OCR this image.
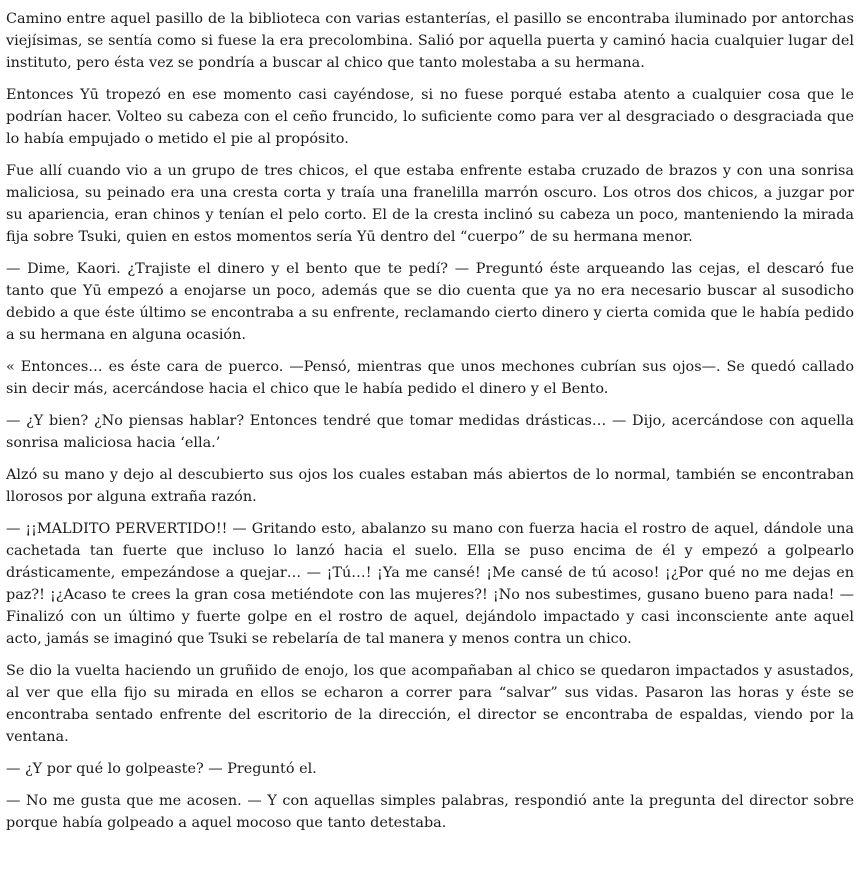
Camino entre aquel pasillo de la biblioteca con varias estanterías, el pasillo se encontraba iluminado por antorchas viejísimas, se sentía como si fuese la era precolombina. Salió por aquella puerta y caminó hacia cualquier lugar del instituto, pero ésta vez se pondría a buscar al chico que tanto molestaba a su hermana.

Entonces Yū tropezó en ese momento casi cayéndose, si no fuese porqué estaba atento a cualquier cosa que le podrían hacer. Volteo su cabeza con el ceño fruncido, lo suficiente como para ver al desgraciado o desgraciada que lo había empujado o metido el pie al propósito.

Fue allí cuando vio a un grupo de tres chicos, el que estaba enfrente estaba cruzado de brazos y con una sonrisa maliciosa, su peinado era una cresta corta y traía una franelilla marrón oscuro. Los otros dos chicos, a juzgar por su apariencia, eran chinos y tenían el pelo corto. El de la cresta inclinó su cabeza un poco, manteniendo la mirada fija sobre Tsuki, quien en estos momentos sería Yū dentro del “cuerpo” de su hermana menor.

— Dime, Kaori. ¿Trajiste el dinero y el bento que te pedí? — Preguntó éste arqueando las cejas, el descaró fue tanto que Yū empezó a enojarse un poco, además que se dio cuenta que ya no era necesario buscar al susodicho debido a que éste último se encontraba a su enfrente, reclamando cierto dinero y cierta comida que le había pedido a su hermana en alguna ocasión.

« Entonces… es éste cara de puerco. —Pensó, mientras que unos mechones cubrían sus ojos—. Se quedó callado sin decir más, acercándose hacia el chico que le había pedido el dinero y el Bento.

— ¿Y bien? ¿No piensas hablar? Entonces tendré que tomar medidas drásticas… — Dijo, acercándose con aquella sonrisa maliciosa hacia ‘ella.’

Alzó su mano y dejo al descubierto sus ojos los cuales estaban más abiertos de lo normal, también se encontraban llorosos por alguna extraña razón.

— ¡¡MALDITO PERVERTIDO!! — Gritando esto, abalanzo su mano con fuerza hacia el rostro de aquel, dándole una cachetada tan fuerte que incluso lo lanzó hacia el suelo. Ella se puso encima de él y empezó a golpearlo drásticamente, empezándose a quejar… — ¡Tú…! ¡Ya me cansé! ¡Me cansé de tú acoso! ¡¿Por qué no me dejas en paz?! ¡¿Acaso te crees la gran cosa metiéndote con las mujeres?! ¡No nos subestimes, gusano bueno para nada! — Finalizó con un último y fuerte golpe en el rostro de aquel, dejándolo impactado y casi inconsciente ante aquel acto, jamás se imaginó que Tsuki se rebelaría de tal manera y menos contra un chico.

Se dio la vuelta haciendo un gruñido de enojo, los que acompañaban al chico se quedaron impactados y asustados, al ver que ella fijo su mirada en ellos se echaron a correr para “salvar” sus vidas. Pasaron las horas y éste se encontraba sentado enfrente del escritorio de la dirección, el director se encontraba de espaldas, viendo por la ventana.

— ¿Y por qué lo golpeaste? — Preguntó el.

— No me gusta que me acosen. — Y con aquellas simples palabras, respondió ante la pregunta del director sobre porque había golpeado a aquel mocoso que tanto detestaba.
